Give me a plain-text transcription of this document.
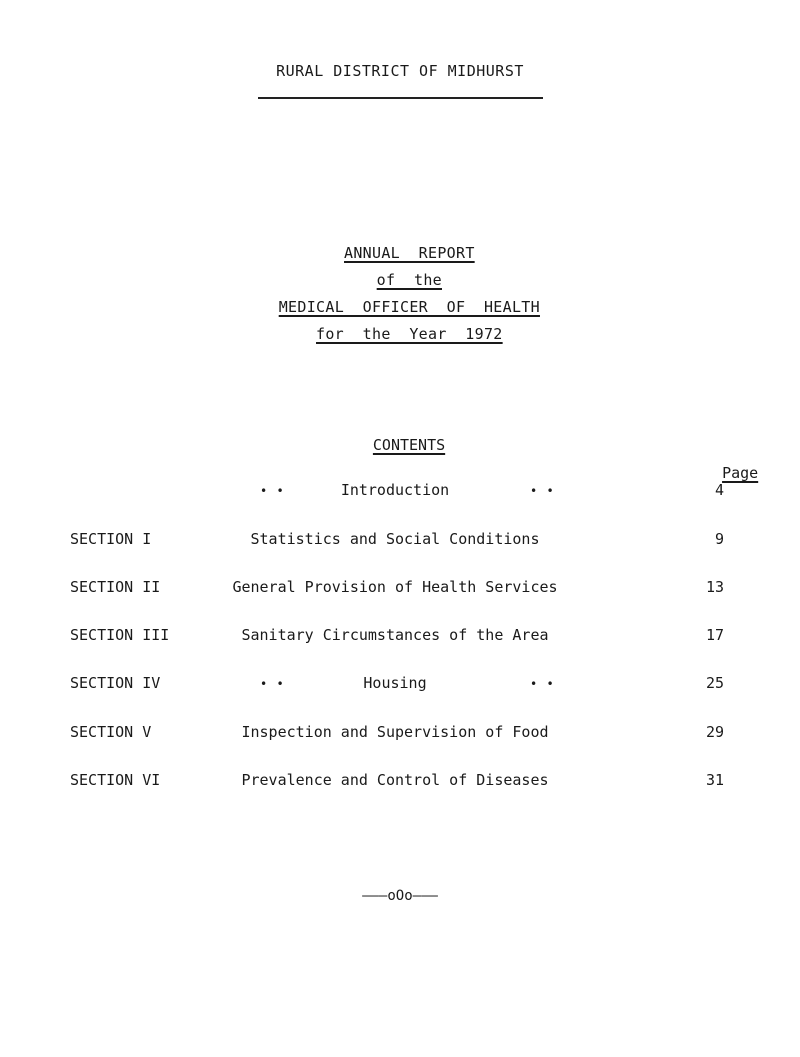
RURAL DISTRICT OF MIDHURST

ANNUAL  REPORT

of  the

MEDICAL  OFFICER  OF  HEALTH

for  the  Year  1972

CONTENTS

Page

• •	Introduction	• •	4
SECTION I	Statistics and Social Conditions	9
SECTION II	General Provision of Health Services	13
SECTION III	Sanitary Circumstances of the Area	17
SECTION IV	• •	Housing	• •	25
SECTION V	Inspection and Supervision of Food	29
SECTION VI	Prevalence and Control of Diseases	31
———oOo———
